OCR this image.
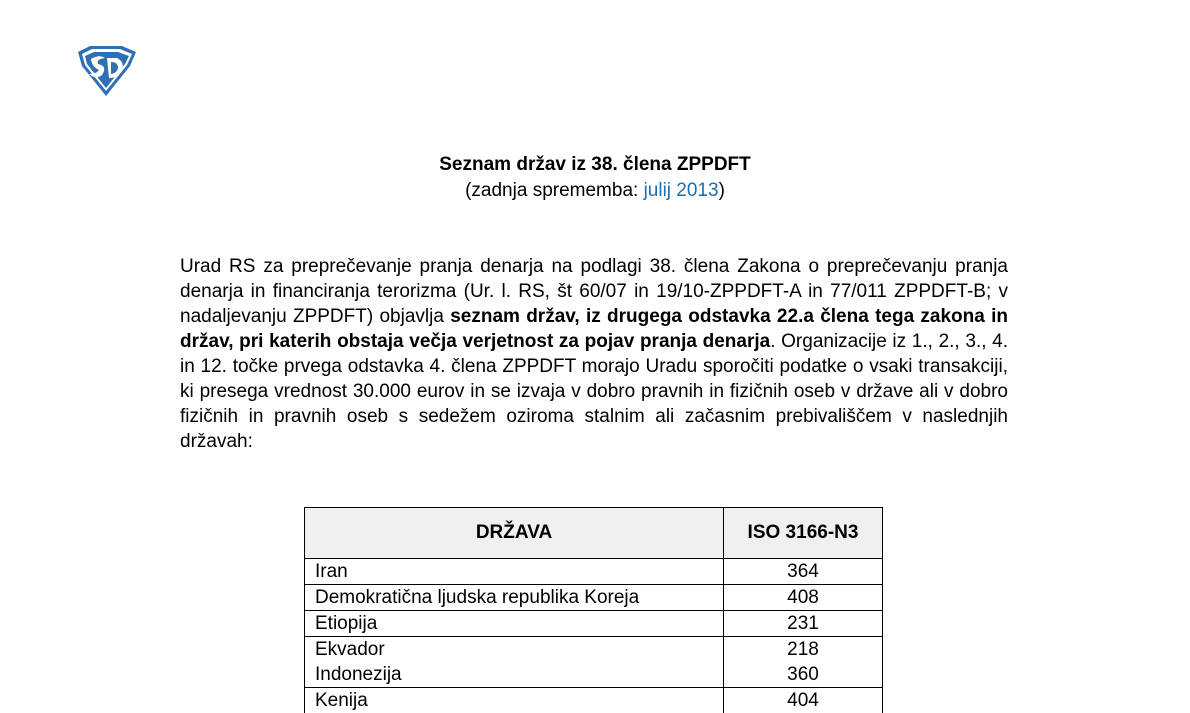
Seznam držav iz 38. člena ZPPDFT
(zadnja sprememba: julij 2013)

Urad RS za preprečevanje pranja denarja na podlagi 38. člena Zakona o preprečevanju pranja denarja in financiranja terorizma (Ur. l. RS, št 60/07 in 19/10-ZPPDFT-A in 77/011 ZPPDFT-B; v nadaljevanju ZPPDFT) objavlja seznam držav, iz drugega odstavka 22.a člena tega zakona in držav, pri katerih obstaja večja verjetnost za pojav pranja denarja. Organizacije iz 1., 2., 3., 4. in 12. točke prvega odstavka 4. člena ZPPDFT morajo Uradu sporočiti podatke o vsaki transakciji, ki presega vrednost 30.000 eurov in se izvaja v dobro pravnih in fizičnih oseb v države ali v dobro fizičnih in pravnih oseb s sedežem oziroma stalnim ali začasnim prebivališčem v naslednjih državah:

DRŽAVA	ISO 3166-N3
Iran	364
Demokratična ljudska republika Koreja	408
Etiopija	231
Ekvador	218
Indonezija	360
Kenija	404
